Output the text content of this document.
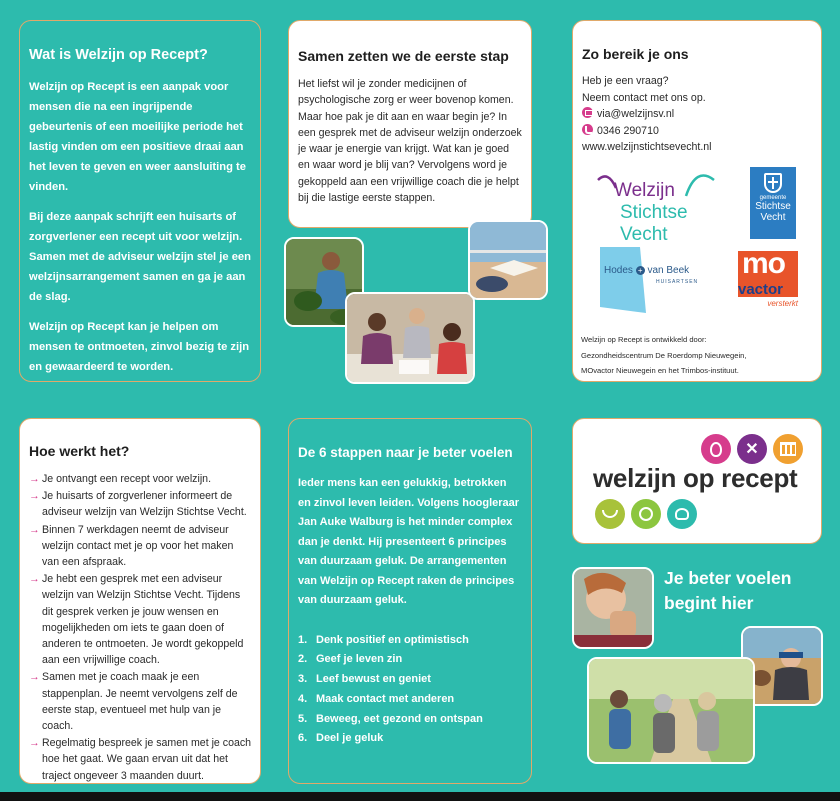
Wat is Welzijn op Recept?

Welzijn op Recept is een aanpak voor mensen die na een ingrijpende gebeurtenis of een moeilijke periode het lastig vinden om een positieve draai aan het leven te geven en weer aansluiting te vinden.

Bij deze aanpak schrijft een huisarts of zorgverlener een recept uit voor welzijn. Samen met de adviseur welzijn stel je een welzijnsarrangement samen en ga je aan de slag.

Welzijn op Recept kan je helpen om mensen te ontmoeten, zinvol bezig te zijn en gewaardeerd te worden.

Samen zetten we de eerste stap

Het liefst wil je zonder medicijnen of psychologische zorg er weer bovenop komen. Maar hoe pak je dit aan en waar begin je? In een gesprek met de adviseur welzijn onderzoek je waar je energie van krijgt. Wat kan je goed en waar word je blij van? Vervolgens word je gekoppeld aan een vrijwillige coach die je helpt bij die lastige eerste stappen.

Zo bereik je ons
Heb je een vraag?
Neem contact met ons op.
via@welzijnsv.nl
0346 290710
www.welzijnstichtsevecht.nl
Welzijn
Stichtse Vecht
gemeente
Stichtse
Vecht
Hodes + van Beek
HUISARTSEN
mo
vactor
versterkt
Welzijn op Recept is ontwikkeld door:
Gezondheidscentrum De Roerdomp Nieuwegein,
MOvactor Nieuwegein en het Trimbos-instituut.
Hoe werkt het?
→ Je ontvangt een recept voor welzijn.
→ Je huisarts of zorgverlener informeert de adviseur welzijn van Welzijn Stichtse Vecht.
→ Binnen 7 werkdagen neemt de adviseur welzijn contact met je op voor het maken van een afspraak.
→ Je hebt een gesprek met een adviseur welzijn van Welzijn Stichtse Vecht. Tijdens dit gesprek verken je jouw wensen en mogelijkheden om iets te gaan doen of anderen te ontmoeten. Je wordt gekoppeld aan een vrijwillige coach.
→ Samen met je coach maak je een stappenplan. Je neemt vervolgens zelf de eerste stap, eventueel met hulp van je coach.
→ Regelmatig bespreek je samen met je coach hoe het gaat. We gaan ervan uit dat het traject ongeveer 3 maanden duurt.
De 6 stappen naar je beter voelen

Ieder mens kan een gelukkig, betrokken en zinvol leven leiden. Volgens hoogleraar Jan Auke Walburg is het minder complex dan je denkt. Hij presenteert 6 principes van duurzaam geluk. De arrangementen van Welzijn op Recept raken de principes van duurzaam geluk.

1. Denk positief en optimistisch
2. Geef je leven zin
3. Leef bewust en geniet
4. Maak contact met anderen
5. Beweeg, eet gezond en ontspan
6. Deel je geluk
✕
welzijn op recept
Je beter voelen
begint hier
